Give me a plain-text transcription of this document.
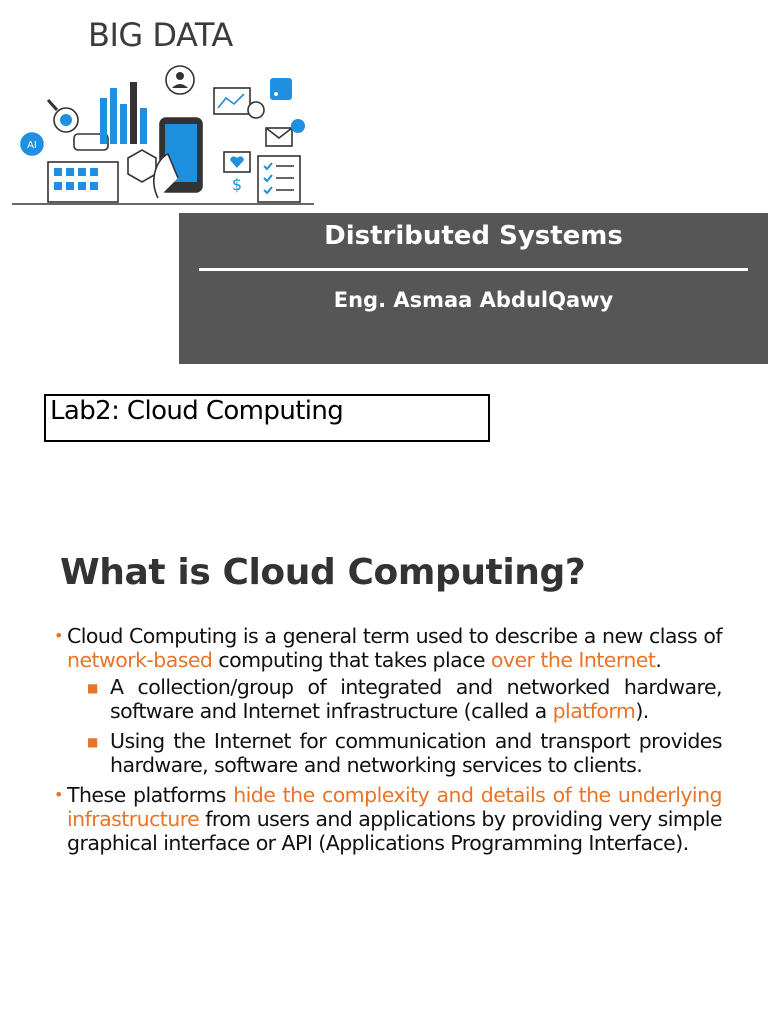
BIG DATA
AI
$
Distributed Systems
Eng. Asmaa AbdulQawy
Lab2: Cloud Computing
What is Cloud Computing?
• Cloud Computing is a general term used to describe a new class of network-based computing that takes place over the Internet.
■ A collection/group of integrated and networked hardware, software and Internet infrastructure (called a platform).
■ Using the Internet for communication and transport provides hardware, software and networking services to clients.
• These platforms hide the complexity and details of the underlying infrastructure from users and applications by providing very simple graphical interface or API (Applications Programming Interface).
